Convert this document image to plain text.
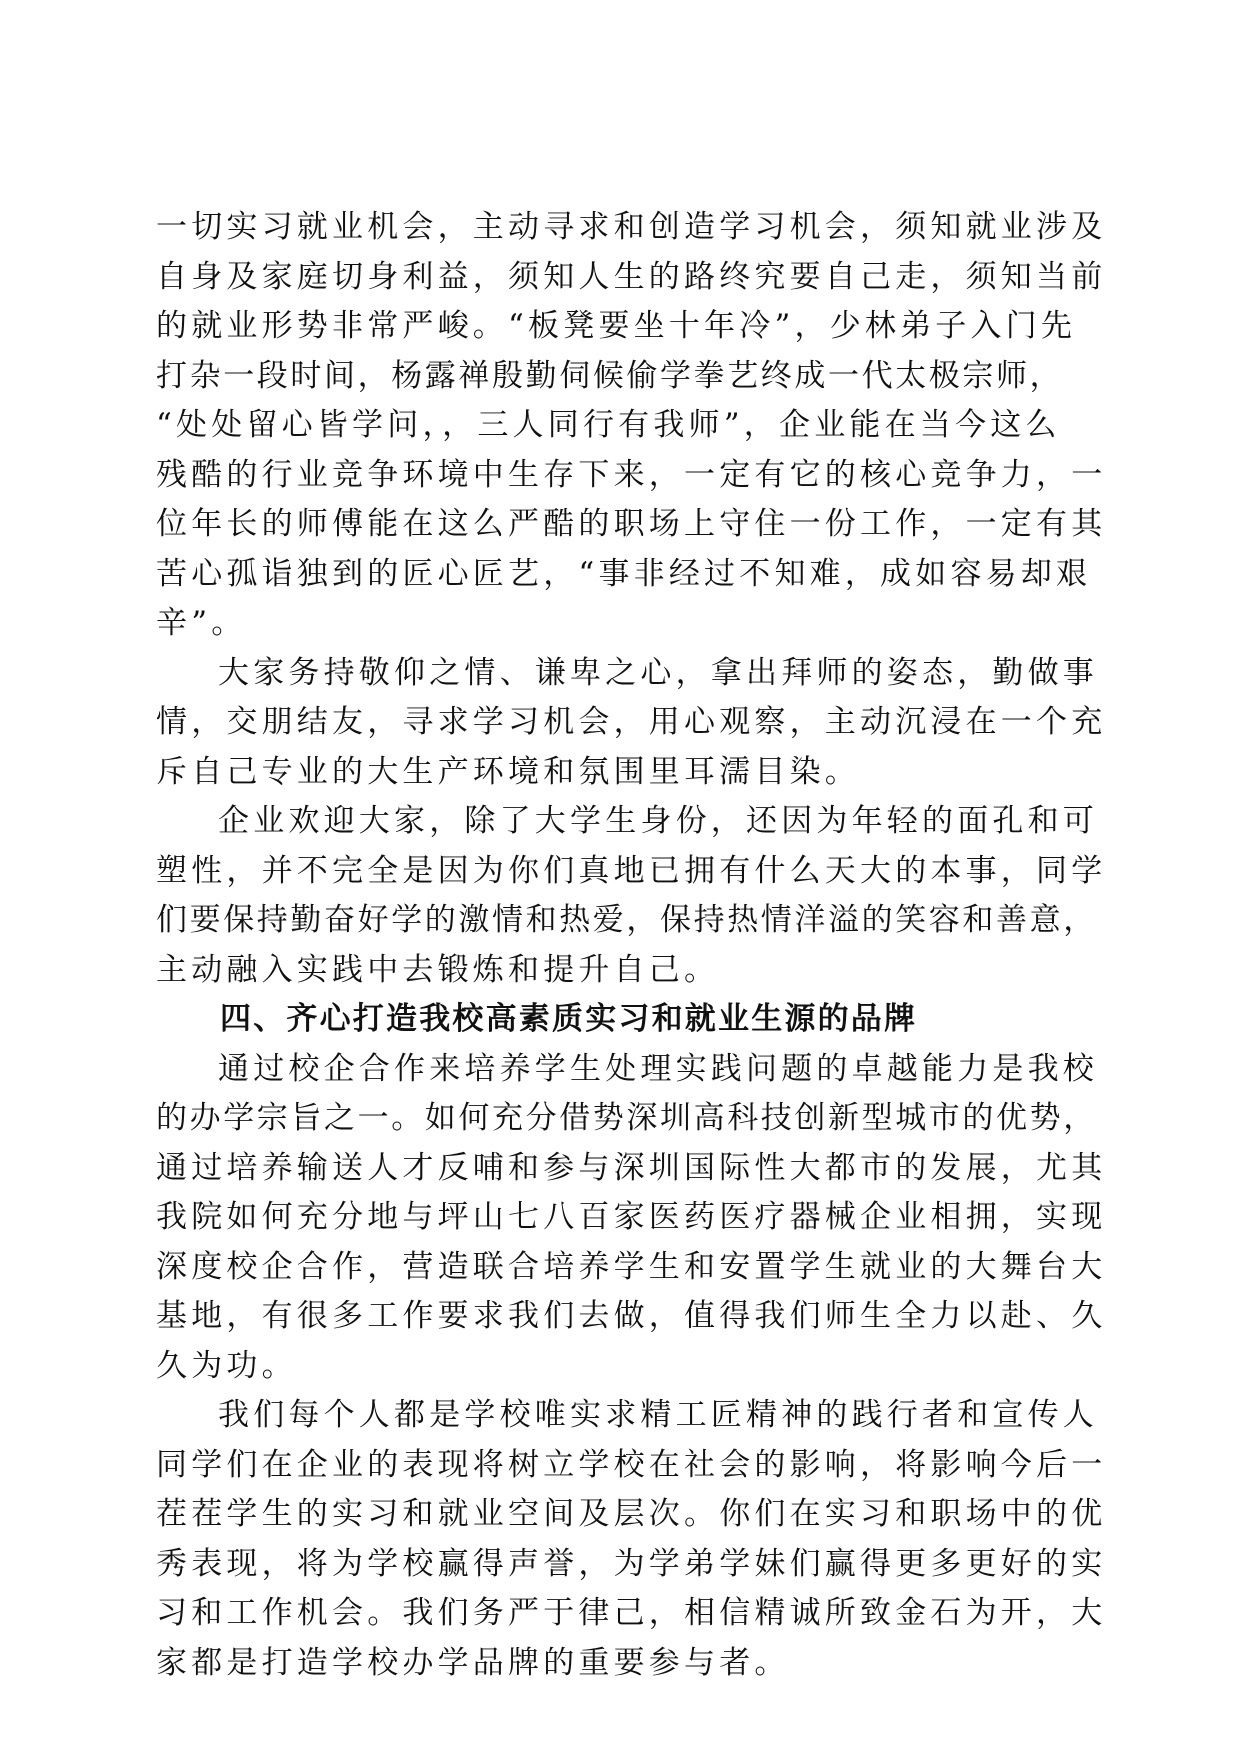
一切实习就业机会，主动寻求和创造学习机会，须知就业涉及
自身及家庭切身利益，须知人生的路终究要自己走，须知当前
的就业形势非常严峻。“板凳要坐十年冷”，少林弟子入门先
打杂一段时间，杨露禅殷勤伺候偷学拳艺终成一代太极宗师，
“处处留心皆学问，，三人同行有我师”，企业能在当今这么
残酷的行业竞争环境中生存下来，一定有它的核心竞争力，一
位年长的师傅能在这么严酷的职场上守住一份工作，一定有其
苦心孤诣独到的匠心匠艺，“事非经过不知难，成如容易却艰
辛”。
大家务持敬仰之情、谦卑之心，拿出拜师的姿态，勤做事
情，交朋结友，寻求学习机会，用心观察，主动沉浸在一个充
斥自己专业的大生产环境和氛围里耳濡目染。
企业欢迎大家，除了大学生身份，还因为年轻的面孔和可
塑性，并不完全是因为你们真地已拥有什么天大的本事，同学
们要保持勤奋好学的激情和热爱，保持热情洋溢的笑容和善意，
主动融入实践中去锻炼和提升自己。
四、齐心打造我校高素质实习和就业生源的品牌
通过校企合作来培养学生处理实践问题的卓越能力是我校
的办学宗旨之一。如何充分借势深圳高科技创新型城市的优势，
通过培养输送人才反哺和参与深圳国际性大都市的发展，尤其
我院如何充分地与坪山七八百家医药医疗器械企业相拥，实现
深度校企合作，营造联合培养学生和安置学生就业的大舞台大
基地，有很多工作要求我们去做，值得我们师生全力以赴、久
久为功。
我们每个人都是学校唯实求精工匠精神的践行者和宣传人
同学们在企业的表现将树立学校在社会的影响，将影响今后一
茬茬学生的实习和就业空间及层次。你们在实习和职场中的优
秀表现，将为学校赢得声誉，为学弟学妹们赢得更多更好的实
习和工作机会。我们务严于律己，相信精诚所致金石为开，大
家都是打造学校办学品牌的重要参与者。
